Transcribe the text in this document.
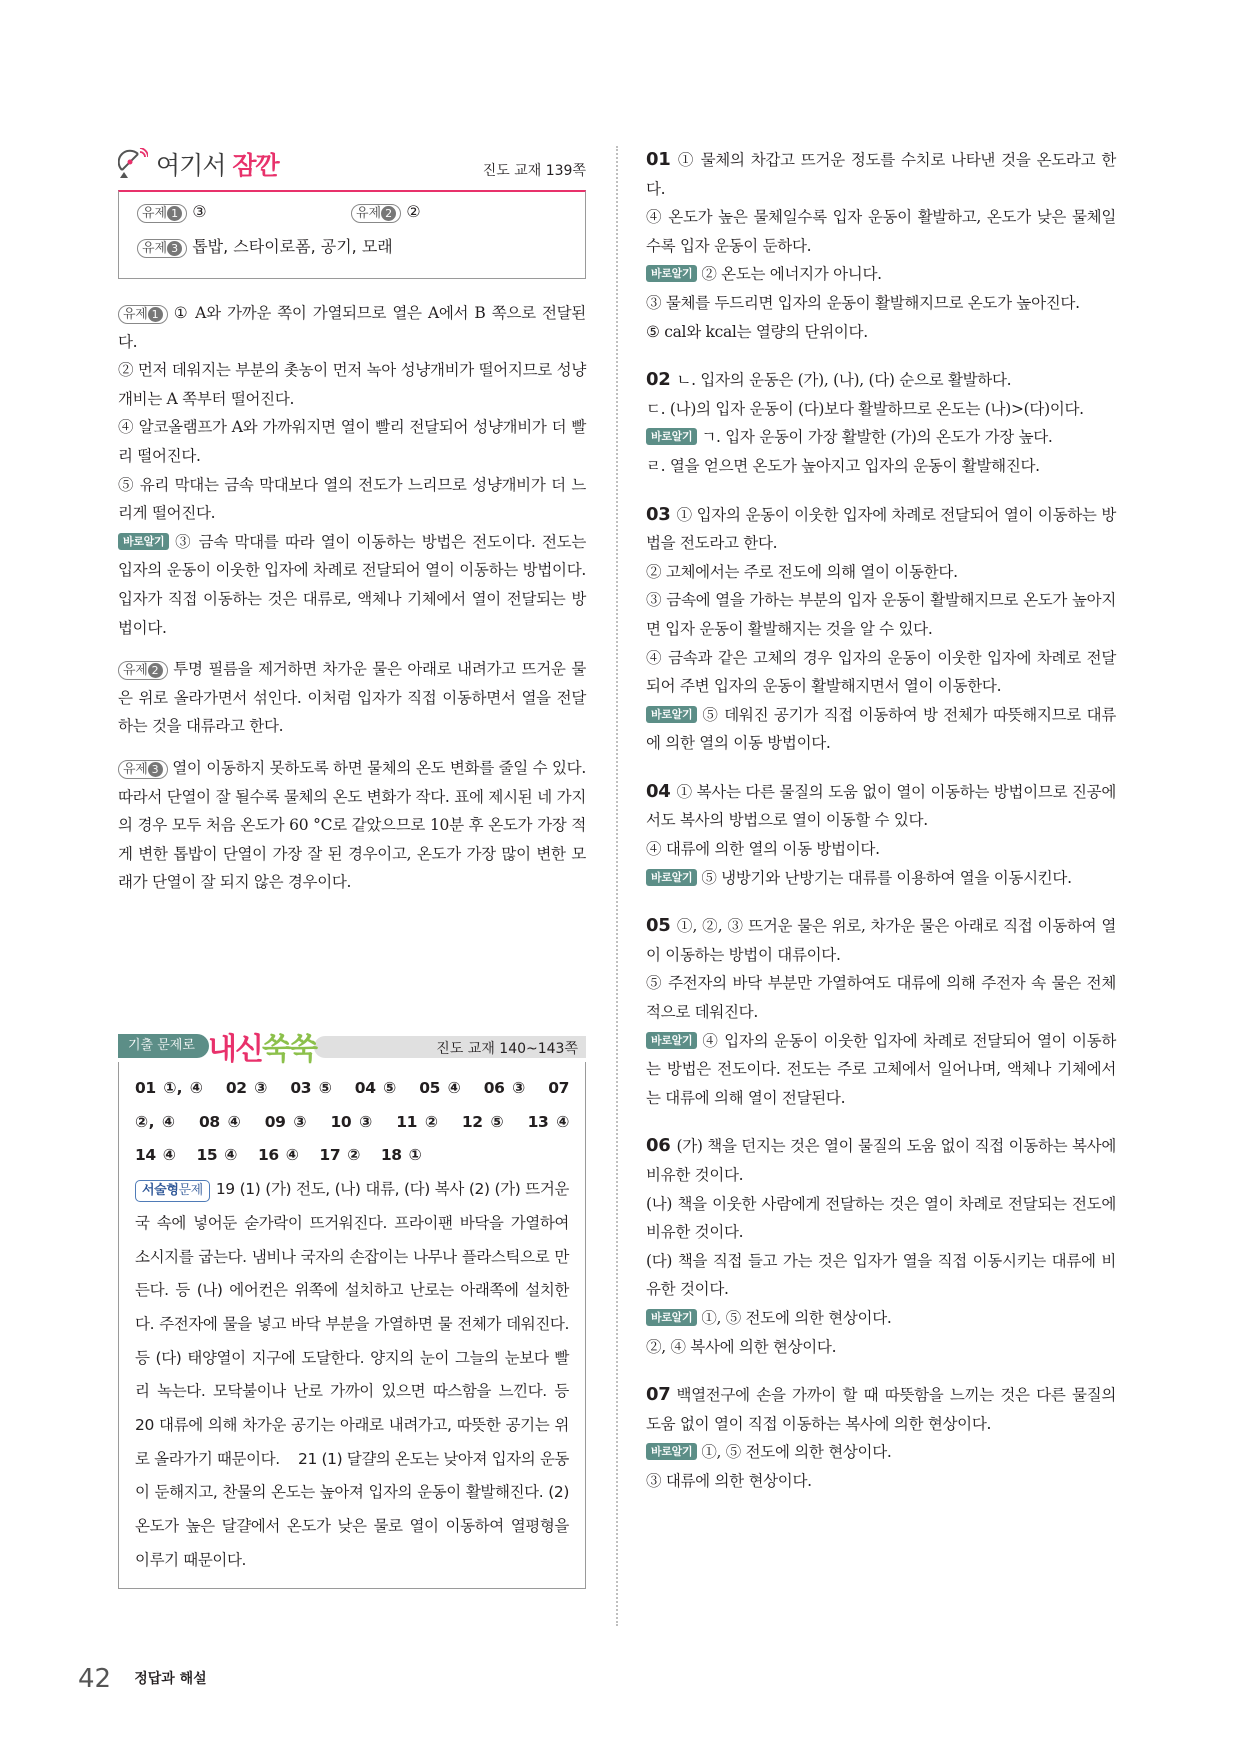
여기서 잠깐	진도 교재 139쪽
유제 1 ③	유제 2 ②
유제 3 톱밥, 스타이로폼, 공기, 모래

유제 1 ① A와 가까운 쪽이 가열되므로 열은 A에서 B 쪽으로 전달된다.

② 먼저 데워지는 부분의 촛농이 먼저 녹아 성냥개비가 떨어지므로 성냥개비는 A 쪽부터 떨어진다.

④ 알코올램프가 A와 가까워지면 열이 빨리 전달되어 성냥개비가 더 빨리 떨어진다.

⑤ 유리 막대는 금속 막대보다 열의 전도가 느리므로 성냥개비가 더 느리게 떨어진다.

바로알기 ③ 금속 막대를 따라 열이 이동하는 방법은 전도이다. 전도는 입자의 운동이 이웃한 입자에 차례로 전달되어 열이 이동하는 방법이다. 입자가 직접 이동하는 것은 대류로, 액체나 기체에서 열이 전달되는 방법이다.

유제 2 투명 필름을 제거하면 차가운 물은 아래로 내려가고 뜨거운 물은 위로 올라가면서 섞인다. 이처럼 입자가 직접 이동하면서 열을 전달하는 것을 대류라고 한다.

유제 3 열이 이동하지 못하도록 하면 물체의 온도 변화를 줄일 수 있다. 따라서 단열이 잘 될수록 물체의 온도 변화가 작다. 표에 제시된 네 가지의 경우 모두 처음 온도가 60 °C로 같았으므로 10분 후 온도가 가장 적게 변한 톱밥이 단열이 가장 잘 된 경우이고, 온도가 가장 많이 변한 모래가 단열이 잘 되지 않은 경우이다.

기출 문제로 내신쑥쑥	진도 교재 140~143쪽
01 ①, ④   02 ③   03 ⑤   04 ⑤   05 ④   06 ③   07 ②, ④   08 ④   09 ③   10 ③   11 ②   12 ⑤   13 ④   14 ④   15 ④   16 ④   17 ②   18 ①
서술형문제 19 (1) (가) 전도, (나) 대류, (다) 복사 (2) (가) 뜨거운 국 속에 넣어둔 숟가락이 뜨거워진다. 프라이팬 바닥을 가열하여 소시지를 굽는다. 냄비나 국자의 손잡이는 나무나 플라스틱으로 만든다. 등 (나) 에어컨은 위쪽에 설치하고 난로는 아래쪽에 설치한다. 주전자에 물을 넣고 바닥 부분을 가열하면 물 전체가 데워진다. 등 (다) 태양열이 지구에 도달한다. 양지의 눈이 그늘의 눈보다 빨리 녹는다. 모닥불이나 난로 가까이 있으면 따스함을 느낀다. 등    20 대류에 의해 차가운 공기는 아래로 내려가고, 따뜻한 공기는 위로 올라가기 때문이다.    21 (1) 달걀의 온도는 낮아져 입자의 운동이 둔해지고, 찬물의 온도는 높아져 입자의 운동이 활발해진다. (2) 온도가 높은 달걀에서 온도가 낮은 물로 열이 이동하여 열평형을 이루기 때문이다.

01 ① 물체의 차갑고 뜨거운 정도를 수치로 나타낸 것을 온도라고 한다.

④ 온도가 높은 물체일수록 입자 운동이 활발하고, 온도가 낮은 물체일수록 입자 운동이 둔하다.

바로알기 ② 온도는 에너지가 아니다.

③ 물체를 두드리면 입자의 운동이 활발해지므로 온도가 높아진다.

⑤ cal와 kcal는 열량의 단위이다.

02 ㄴ. 입자의 운동은 (가), (나), (다) 순으로 활발하다.

ㄷ. (나)의 입자 운동이 (다)보다 활발하므로 온도는 (나)>(다)이다.

바로알기 ㄱ. 입자 운동이 가장 활발한 (가)의 온도가 가장 높다.

ㄹ. 열을 얻으면 온도가 높아지고 입자의 운동이 활발해진다.

03 ① 입자의 운동이 이웃한 입자에 차례로 전달되어 열이 이동하는 방법을 전도라고 한다.

② 고체에서는 주로 전도에 의해 열이 이동한다.

③ 금속에 열을 가하는 부분의 입자 운동이 활발해지므로 온도가 높아지면 입자 운동이 활발해지는 것을 알 수 있다.

④ 금속과 같은 고체의 경우 입자의 운동이 이웃한 입자에 차례로 전달되어 주변 입자의 운동이 활발해지면서 열이 이동한다.

바로알기 ⑤ 데워진 공기가 직접 이동하여 방 전체가 따뜻해지므로 대류에 의한 열의 이동 방법이다.

04 ① 복사는 다른 물질의 도움 없이 열이 이동하는 방법이므로 진공에서도 복사의 방법으로 열이 이동할 수 있다.

④ 대류에 의한 열의 이동 방법이다.

바로알기 ⑤ 냉방기와 난방기는 대류를 이용하여 열을 이동시킨다.

05 ①, ②, ③ 뜨거운 물은 위로, 차가운 물은 아래로 직접 이동하여 열이 이동하는 방법이 대류이다.

⑤ 주전자의 바닥 부분만 가열하여도 대류에 의해 주전자 속 물은 전체적으로 데워진다.

바로알기 ④ 입자의 운동이 이웃한 입자에 차례로 전달되어 열이 이동하는 방법은 전도이다. 전도는 주로 고체에서 일어나며, 액체나 기체에서는 대류에 의해 열이 전달된다.

06 (가) 책을 던지는 것은 열이 물질의 도움 없이 직접 이동하는 복사에 비유한 것이다.

(나) 책을 이웃한 사람에게 전달하는 것은 열이 차례로 전달되는 전도에 비유한 것이다.

(다) 책을 직접 들고 가는 것은 입자가 열을 직접 이동시키는 대류에 비유한 것이다.

바로알기 ①, ⑤ 전도에 의한 현상이다.

②, ④ 복사에 의한 현상이다.

07 백열전구에 손을 가까이 할 때 따뜻함을 느끼는 것은 다른 물질의 도움 없이 열이 직접 이동하는 복사에 의한 현상이다.

바로알기 ①, ⑤ 전도에 의한 현상이다.

③ 대류에 의한 현상이다.

42 정답과 해설
